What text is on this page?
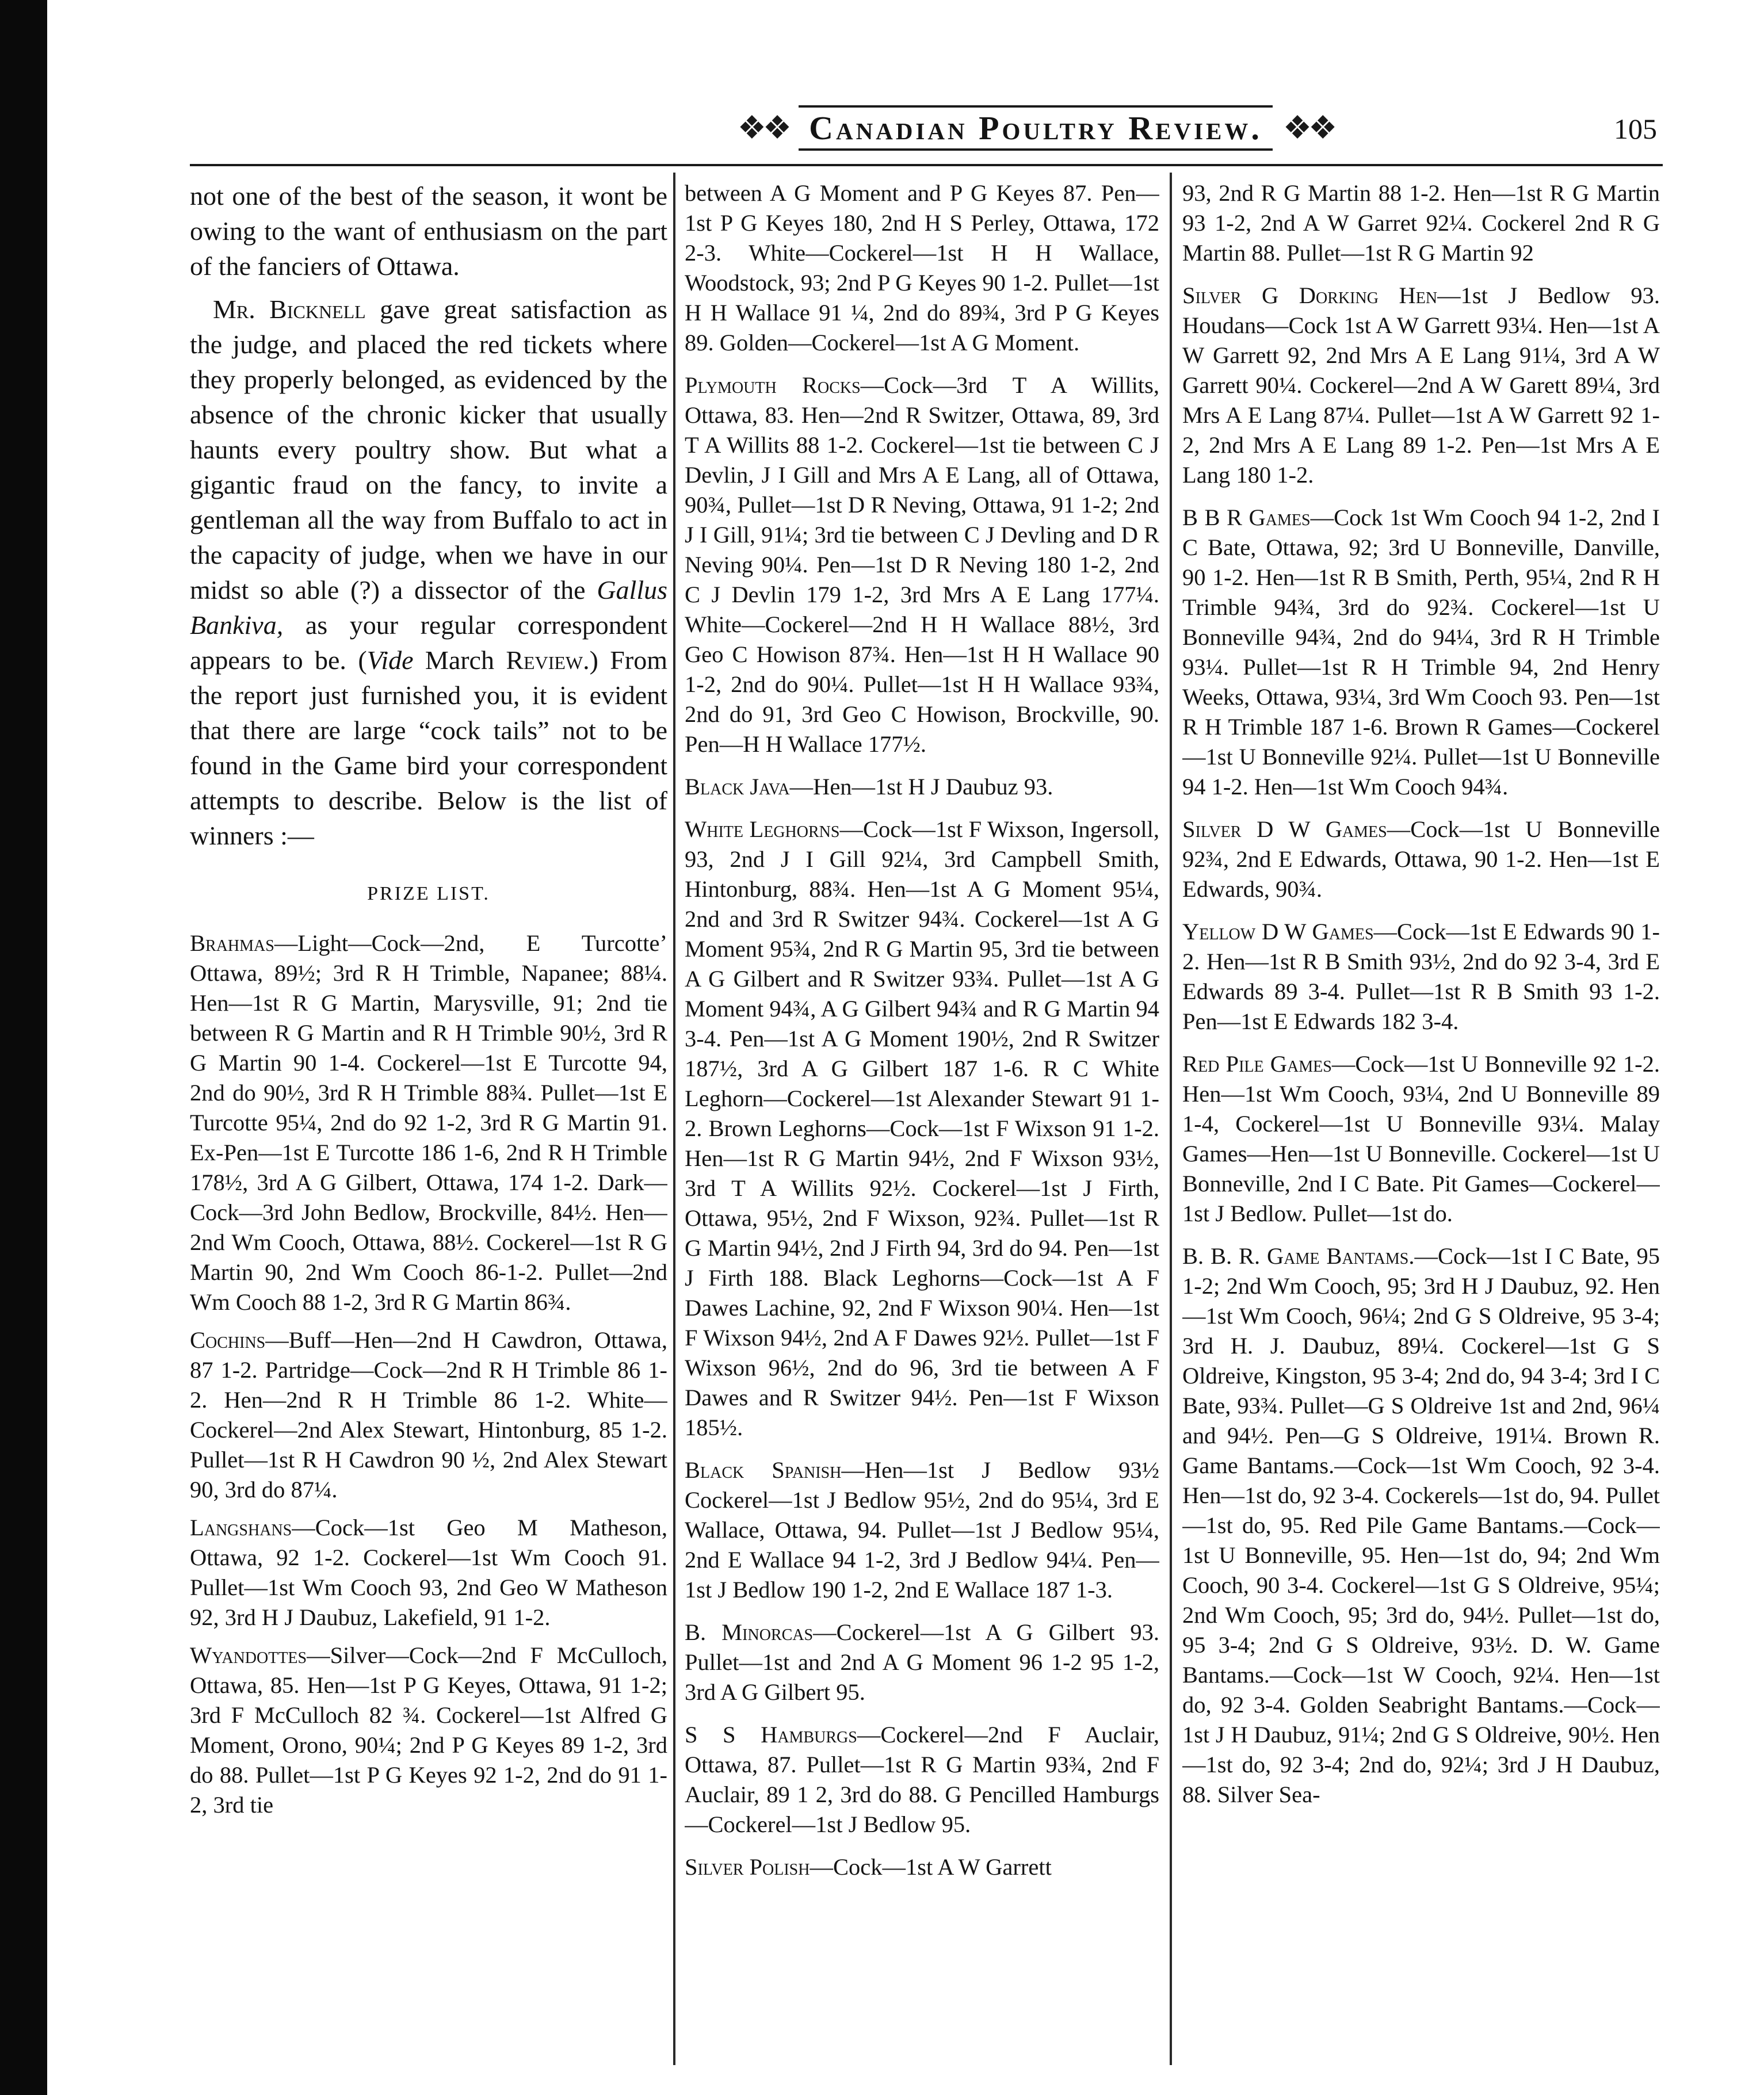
❖❖ Canadian Poultry Review. ❖❖	105

not one of the best of the season, it wont be owing to the want of enthusiasm on the part of the fanciers of Ottawa.

Mr. Bicknell gave great satisfaction as the judge, and placed the red tickets where they properly belonged, as evidenced by the absence of the chronic kicker that usually haunts every poultry show. But what a gigantic fraud on the fancy, to invite a gentleman all the way from Buffalo to act in the capacity of judge, when we have in our midst so able (?) a dissector of the Gallus Bankiva, as your regular correspondent appears to be. (Vide March Review.) From the report just furnished you, it is evident that there are large “cock tails” not to be found in the Game bird your correspondent attempts to describe. Below is the list of winners :—

PRIZE LIST.

Brahmas—Light—Cock—2nd, E Turcotte’ Ottawa, 89½; 3rd R H Trimble, Napanee; 88¼. Hen—1st R G Martin, Marysville, 91; 2nd tie between R G Martin and R H Trimble 90½, 3rd R G Martin 90 1-4. Cockerel—1st E Turcotte 94, 2nd do 90½, 3rd R H Trimble 88¾. Pullet—1st E Turcotte 95¼, 2nd do 92 1-2, 3rd R G Martin 91. Ex-Pen—1st E Turcotte 186 1-6, 2nd R H Trimble 178½, 3rd A G Gilbert, Ottawa, 174 1-2. Dark—Cock—3rd John Bedlow, Brockville, 84½. Hen—2nd Wm Cooch, Ottawa, 88½. Cockerel—1st R G Martin 90, 2nd Wm Cooch 86-1-2. Pullet—2nd Wm Cooch 88 1-2, 3rd R G Martin 86¾.

Cochins—Buff—Hen—2nd H Cawdron, Ottawa, 87 1-2. Partridge—Cock—2nd R H Trimble 86 1-2. Hen—2nd R H Trimble 86 1-2. White—Cockerel—2nd Alex Stewart, Hintonburg, 85 1-2. Pullet—1st R H Cawdron 90 ½, 2nd Alex Stewart 90, 3rd do 87¼.

Langshans—Cock—1st Geo M Matheson, Ottawa, 92 1-2. Cockerel—1st Wm Cooch 91. Pullet—1st Wm Cooch 93, 2nd Geo W Matheson 92, 3rd H J Daubuz, Lakefield, 91 1-2.

Wyandottes—Silver—Cock—2nd F McCulloch, Ottawa, 85. Hen—1st P G Keyes, Ottawa, 91 1-2; 3rd F McCulloch 82 ¾. Cockerel—1st Alfred G Moment, Orono, 90¼; 2nd P G Keyes 89 1-2, 3rd do 88. Pullet—1st P G Keyes 92 1-2, 2nd do 91 1-2, 3rd tie

between A G Moment and P G Keyes 87. Pen—1st P G Keyes 180, 2nd H S Perley, Ottawa, 172 2-3. White—Cockerel—1st H H Wallace, Woodstock, 93; 2nd P G Keyes 90 1-2. Pullet—1st H H Wallace 91 ¼, 2nd do 89¾, 3rd P G Keyes 89. Golden—Cockerel—1st A G Moment.

Plymouth Rocks—Cock—3rd T A Willits, Ottawa, 83. Hen—2nd R Switzer, Ottawa, 89, 3rd T A Willits 88 1-2. Cockerel—1st tie between C J Devlin, J I Gill and Mrs A E Lang, all of Ottawa, 90¾, Pullet—1st D R Neving, Ottawa, 91 1-2; 2nd J I Gill, 91¼; 3rd tie between C J Devling and D R Neving 90¼. Pen—1st D R Neving 180 1-2, 2nd C J Devlin 179 1-2, 3rd Mrs A E Lang 177¼. White—Cockerel—2nd H H Wallace 88½, 3rd Geo C Howison 87¾. Hen—1st H H Wallace 90 1-2, 2nd do 90¼. Pullet—1st H H Wallace 93¾, 2nd do 91, 3rd Geo C Howison, Brockville, 90. Pen—H H Wallace 177½.

Black Java—Hen—1st H J Daubuz 93.

White Leghorns—Cock—1st F Wixson, Ingersoll, 93, 2nd J I Gill 92¼, 3rd Campbell Smith, Hintonburg, 88¾. Hen—1st A G Moment 95¼, 2nd and 3rd R Switzer 94¾. Cockerel—1st A G Moment 95¾, 2nd R G Martin 95, 3rd tie between A G Gilbert and R Switzer 93¾. Pullet—1st A G Moment 94¾, A G Gilbert 94¾ and R G Martin 94 3-4. Pen—1st A G Moment 190½, 2nd R Switzer 187½, 3rd A G Gilbert 187 1-6. R C White Leghorn—Cockerel—1st Alexander Stewart 91 1-2. Brown Leghorns—Cock—1st F Wixson 91 1-2. Hen—1st R G Martin 94½, 2nd F Wixson 93½, 3rd T A Willits 92½. Cockerel—1st J Firth, Ottawa, 95½, 2nd F Wixson, 92¾. Pullet—1st R G Martin 94½, 2nd J Firth 94, 3rd do 94. Pen—1st J Firth 188. Black Leghorns—Cock—1st A F Dawes Lachine, 92, 2nd F Wixson 90¼. Hen—1st F Wixson 94½, 2nd A F Dawes 92½. Pullet—1st F Wixson 96½, 2nd do 96, 3rd tie between A F Dawes and R Switzer 94½. Pen—1st F Wixson 185½.

Black Spanish—Hen—1st J Bedlow 93½ Cockerel—1st J Bedlow 95½, 2nd do 95¼, 3rd E Wallace, Ottawa, 94. Pullet—1st J Bedlow 95¼, 2nd E Wallace 94 1-2, 3rd J Bedlow 94¼. Pen—1st J Bedlow 190 1-2, 2nd E Wallace 187 1-3.

B. Minorcas—Cockerel—1st A G Gilbert 93. Pullet—1st and 2nd A G Moment 96 1-2 95 1-2, 3rd A G Gilbert 95.

S S Hamburgs—Cockerel—2nd F Auclair, Ottawa, 87. Pullet—1st R G Martin 93¾, 2nd F Auclair, 89 1 2, 3rd do 88. G Pencilled Hamburgs—Cockerel—1st J Bedlow 95.

Silver Polish—Cock—1st A W Garrett

93, 2nd R G Martin 88 1-2. Hen—1st R G Martin 93 1-2, 2nd A W Garret 92¼. Cockerel 2nd R G Martin 88. Pullet—1st R G Martin 92

Silver G Dorking Hen—1st J Bedlow 93. Houdans—Cock 1st A W Garrett 93¼. Hen—1st A W Garrett 92, 2nd Mrs A E Lang 91¼, 3rd A W Garrett 90¼. Cockerel—2nd A W Garett 89¼, 3rd Mrs A E Lang 87¼. Pullet—1st A W Garrett 92 1-2, 2nd Mrs A E Lang 89 1-2. Pen—1st Mrs A E Lang 180 1-2.

B B R Games—Cock 1st Wm Cooch 94 1-2, 2nd I C Bate, Ottawa, 92; 3rd U Bonneville, Danville, 90 1-2. Hen—1st R B Smith, Perth, 95¼, 2nd R H Trimble 94¾, 3rd do 92¾. Cockerel—1st U Bonneville 94¾, 2nd do 94¼, 3rd R H Trimble 93¼. Pullet—1st R H Trimble 94, 2nd Henry Weeks, Ottawa, 93¼, 3rd Wm Cooch 93. Pen—1st R H Trimble 187 1-6. Brown R Games—Cockerel—1st U Bonneville 92¼. Pullet—1st U Bonneville 94 1-2. Hen—1st Wm Cooch 94¾.

Silver D W Games—Cock—1st U Bonneville 92¾, 2nd E Edwards, Ottawa, 90 1-2. Hen—1st E Edwards, 90¾.

Yellow D W Games—Cock—1st E Edwards 90 1-2. Hen—1st R B Smith 93½, 2nd do 92 3-4, 3rd E Edwards 89 3-4. Pullet—1st R B Smith 93 1-2. Pen—1st E Edwards 182 3-4.

Red Pile Games—Cock—1st U Bonneville 92 1-2. Hen—1st Wm Cooch, 93¼, 2nd U Bonneville 89 1-4, Cockerel—1st U Bonneville 93¼. Malay Games—Hen—1st U Bonneville. Cockerel—1st U Bonneville, 2nd I C Bate. Pit Games—Cockerel—1st J Bedlow. Pullet—1st do.

B. B. R. Game Bantams.—Cock—1st I C Bate, 95 1-2; 2nd Wm Cooch, 95; 3rd H J Daubuz, 92. Hen—1st Wm Cooch, 96¼; 2nd G S Oldreive, 95 3-4; 3rd H. J. Daubuz, 89¼. Cockerel—1st G S Oldreive, Kingston, 95 3-4; 2nd do, 94 3-4; 3rd I C Bate, 93¾. Pullet—G S Oldreive 1st and 2nd, 96¼ and 94½. Pen—G S Oldreive, 191¼. Brown R. Game Bantams.—Cock—1st Wm Cooch, 92 3-4. Hen—1st do, 92 3-4. Cockerels—1st do, 94. Pullet—1st do, 95. Red Pile Game Bantams.—Cock—1st U Bonneville, 95. Hen—1st do, 94; 2nd Wm Cooch, 90 3-4. Cockerel—1st G S Oldreive, 95¼; 2nd Wm Cooch, 95; 3rd do, 94½. Pullet—1st do, 95 3-4; 2nd G S Oldreive, 93½. D. W. Game Bantams.—Cock—1st W Cooch, 92¼. Hen—1st do, 92 3-4. Golden Seabright Bantams.—Cock—1st J H Daubuz, 91¼; 2nd G S Oldreive, 90½. Hen—1st do, 92 3-4; 2nd do, 92¼; 3rd J H Daubuz, 88. Silver Sea-
